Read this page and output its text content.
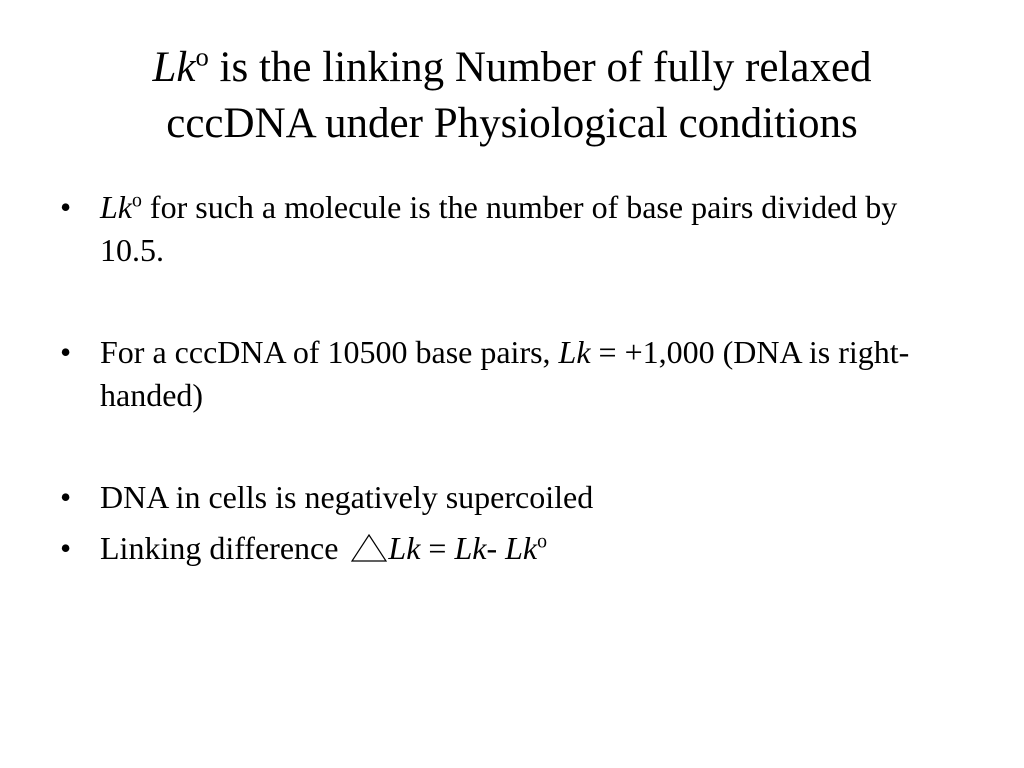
Lk$^o$ is the linking Number of fully relaxed
cccDNA under Physiological conditions
• Lk$^o$ for such a molecule is the number of base pairs divided by 10.5.
• For a cccDNA of 10500 base pairs, Lk = +1,000 (DNA is right-handed)
• DNA in cells is negatively supercoiled
• Linking difference Lk = Lk- Lk$^o$
